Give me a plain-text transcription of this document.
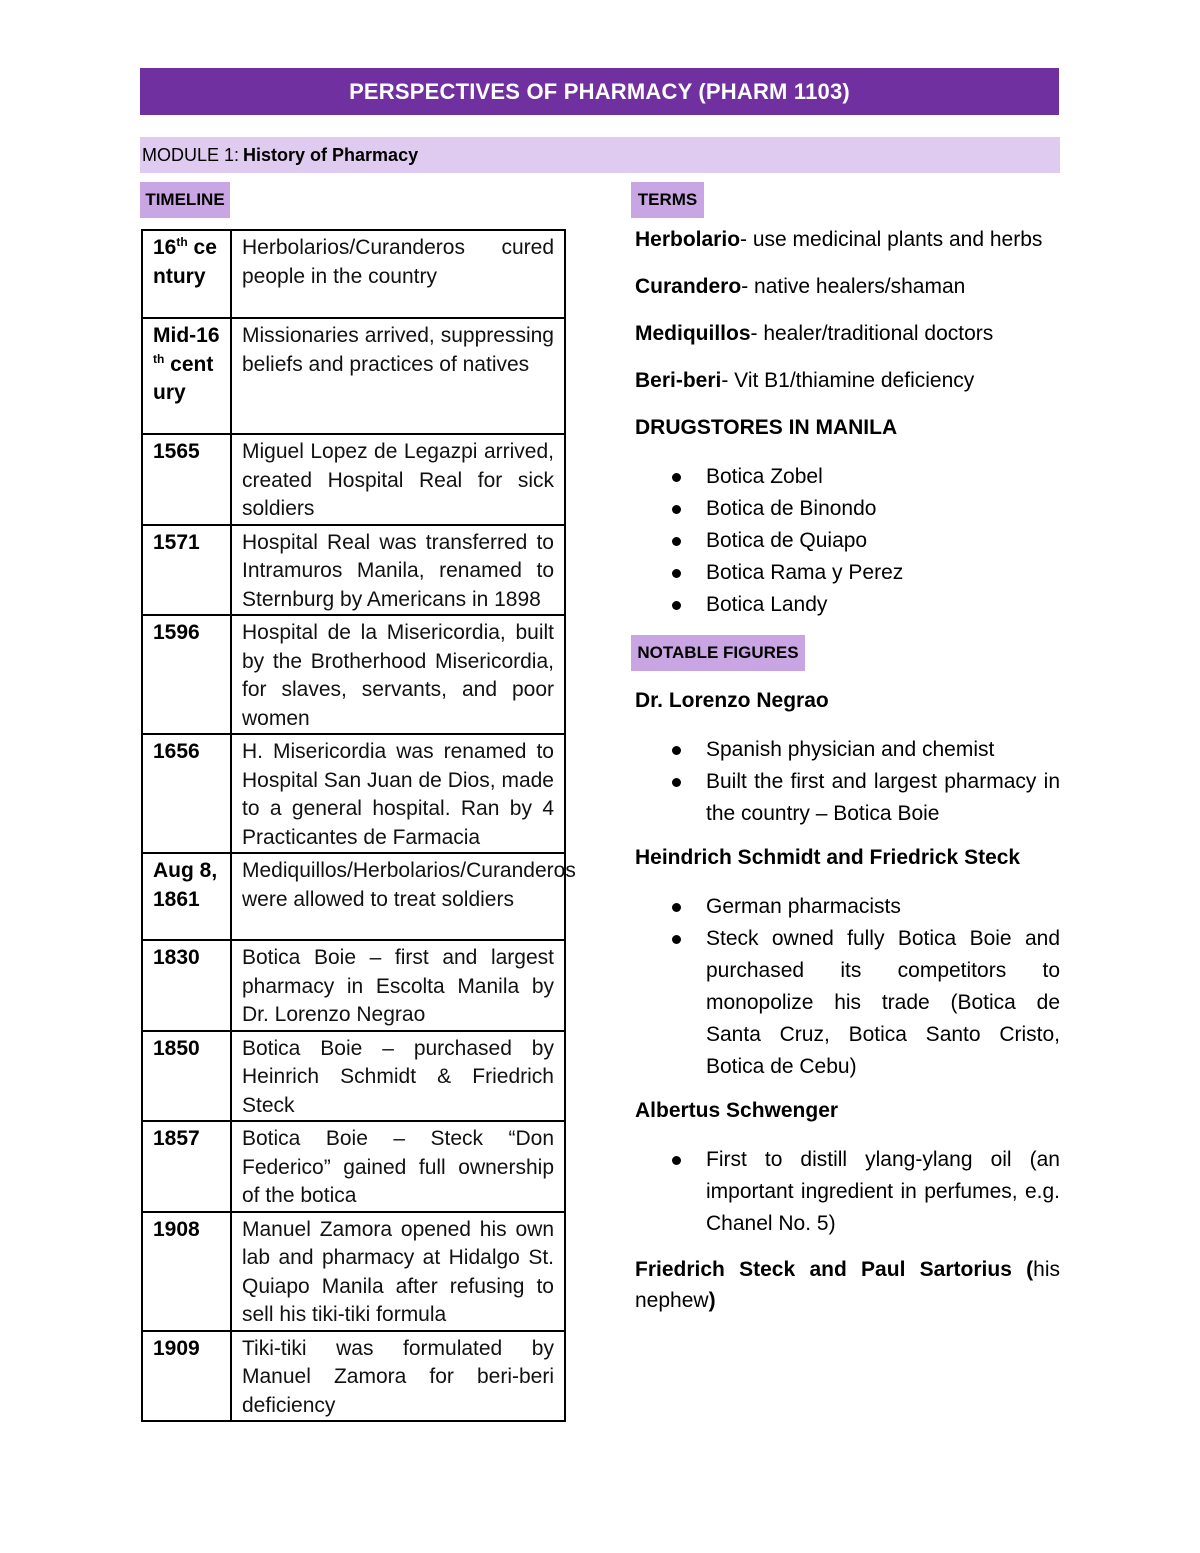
PERSPECTIVES OF PHARMACY (PHARM 1103)
MODULE 1: History of Pharmacy
TIMELINE	TERMS
16th century	Herbolarios/Curanderos cured people in the country
Mid-16th century	Missionaries arrived, suppressing beliefs and practices of natives
1565	Miguel Lopez de Legazpi arrived, created Hospital Real for sick soldiers
1571	Hospital Real was transferred to Intramuros Manila, renamed to Sternburg by Americans in 1898
1596	Hospital de la Misericordia, built by the Brotherhood Misericordia, for slaves, servants, and poor women
1656	H. Misericordia was renamed to Hospital San Juan de Dios, made to a general hospital. Ran by 4 Practicantes de Farmacia
Aug 8, 1861	Mediquillos/Herbolarios/Curanderos were allowed to treat soldiers
1830	Botica Boie – first and largest pharmacy in Escolta Manila by Dr. Lorenzo Negrao
1850	Botica Boie – purchased by Heinrich Schmidt & Friedrich Steck
1857	Botica Boie – Steck “Don Federico” gained full ownership of the botica
1908	Manuel Zamora opened his own lab and pharmacy at Hidalgo St. Quiapo Manila after refusing to sell his tiki-tiki formula
1909	Tiki-tiki was formulated by Manuel Zamora for beri-beri deficiency
Herbolario- use medicinal plants and herbs
Curandero- native healers/shaman
Mediquillos- healer/traditional doctors
Beri-beri- Vit B1/thiamine deficiency
DRUGSTORES IN MANILA
Botica Zobel
Botica de Binondo
Botica de Quiapo
Botica Rama y Perez
Botica Landy
NOTABLE FIGURES
Dr. Lorenzo Negrao
Spanish physician and chemist
Built the first and largest pharmacy in the country – Botica Boie
Heindrich Schmidt and Friedrick Steck
German pharmacists
Steck owned fully Botica Boie and purchased its competitors to monopolize his trade (Botica de Santa Cruz, Botica Santo Cristo, Botica de Cebu)
Albertus Schwenger
First to distill ylang-ylang oil (an important ingredient in perfumes, e.g. Chanel No. 5)
Friedrich Steck and Paul Sartorius (his nephew)
